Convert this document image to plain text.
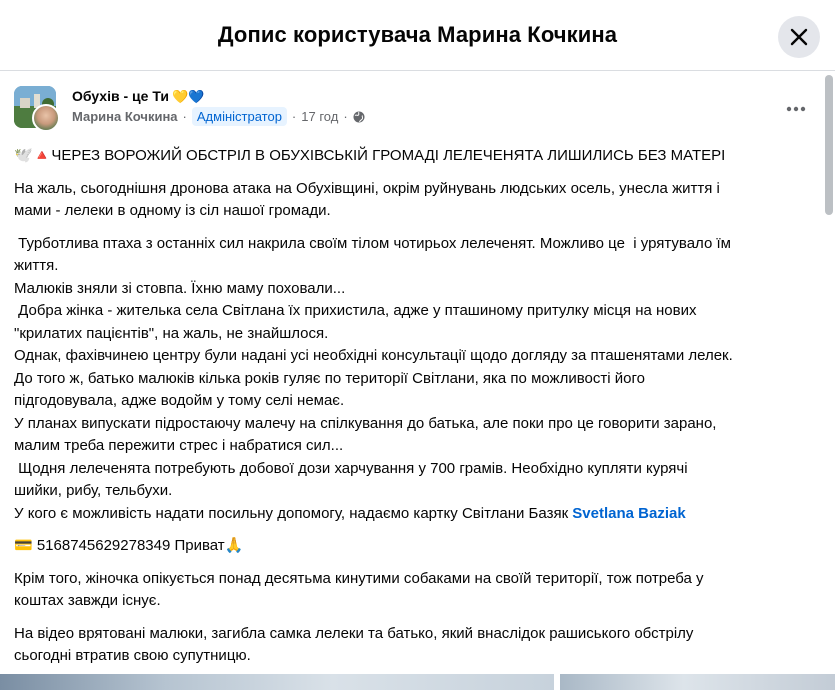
Допис користувача Марина Кочкина
Обухів - це Ти 💛💙
Марина Кочкина · Адміністратор · 17 год ·
🕊️🔺ЧЕРЕЗ ВОРОЖИЙ ОБСТРІЛ В ОБУХІВСЬКІЙ ГРОМАДІ ЛЕЛЕЧЕНЯТА ЛИШИЛИСЬ БЕЗ МАТЕРІ
На жаль, сьогоднішня дронова атака на Обухівщині, окрім руйнувань людських осель, унесла життя і
мами - лелеки в одному із сіл нашої громади.
Турботлива птаха з останніх сил накрила своїм тілом чотирьох лелеченят. Можливо це  і урятувало їм
життя.
Малюків зняли зі стовпа. Їхню маму поховали...
Добра жінка - жителька села Світлана їх прихистила, адже у пташиному притулку місця на нових
"крилатих пацієнтів", на жаль, не знайшлося.
Однак, фахівчинею центру були надані усі необхідні консультації щодо догляду за пташенятами лелек.
До того ж, батько малюків кілька років гуляє по території Світлани, яка по можливості його
підгодовувала, адже водойм у тому селі немає.
У планах випускати підростаючу малечу на спілкування до батька, але поки про це говорити зарано,
малим треба пережити стрес і набратися сил...
Щодня лелеченята потребують добової дози харчування у 700 грамів. Необхідно купляти курячі
шийки, рибу, тельбухи.
У кого є можливість надати посильну допомогу, надаємо картку Світлани Базяк Svetlana Baziak
💳 5168745629278349 Приват🙏
Крім того, жіночка опікується понад десятьма кинутими собаками на своїй території, тож потреба у
коштах завжди існує.
На відео врятовані малюки, загибла самка лелеки та батько, який внаслідок рашиського обстрілу
сьогодні втратив свою супутницю.
